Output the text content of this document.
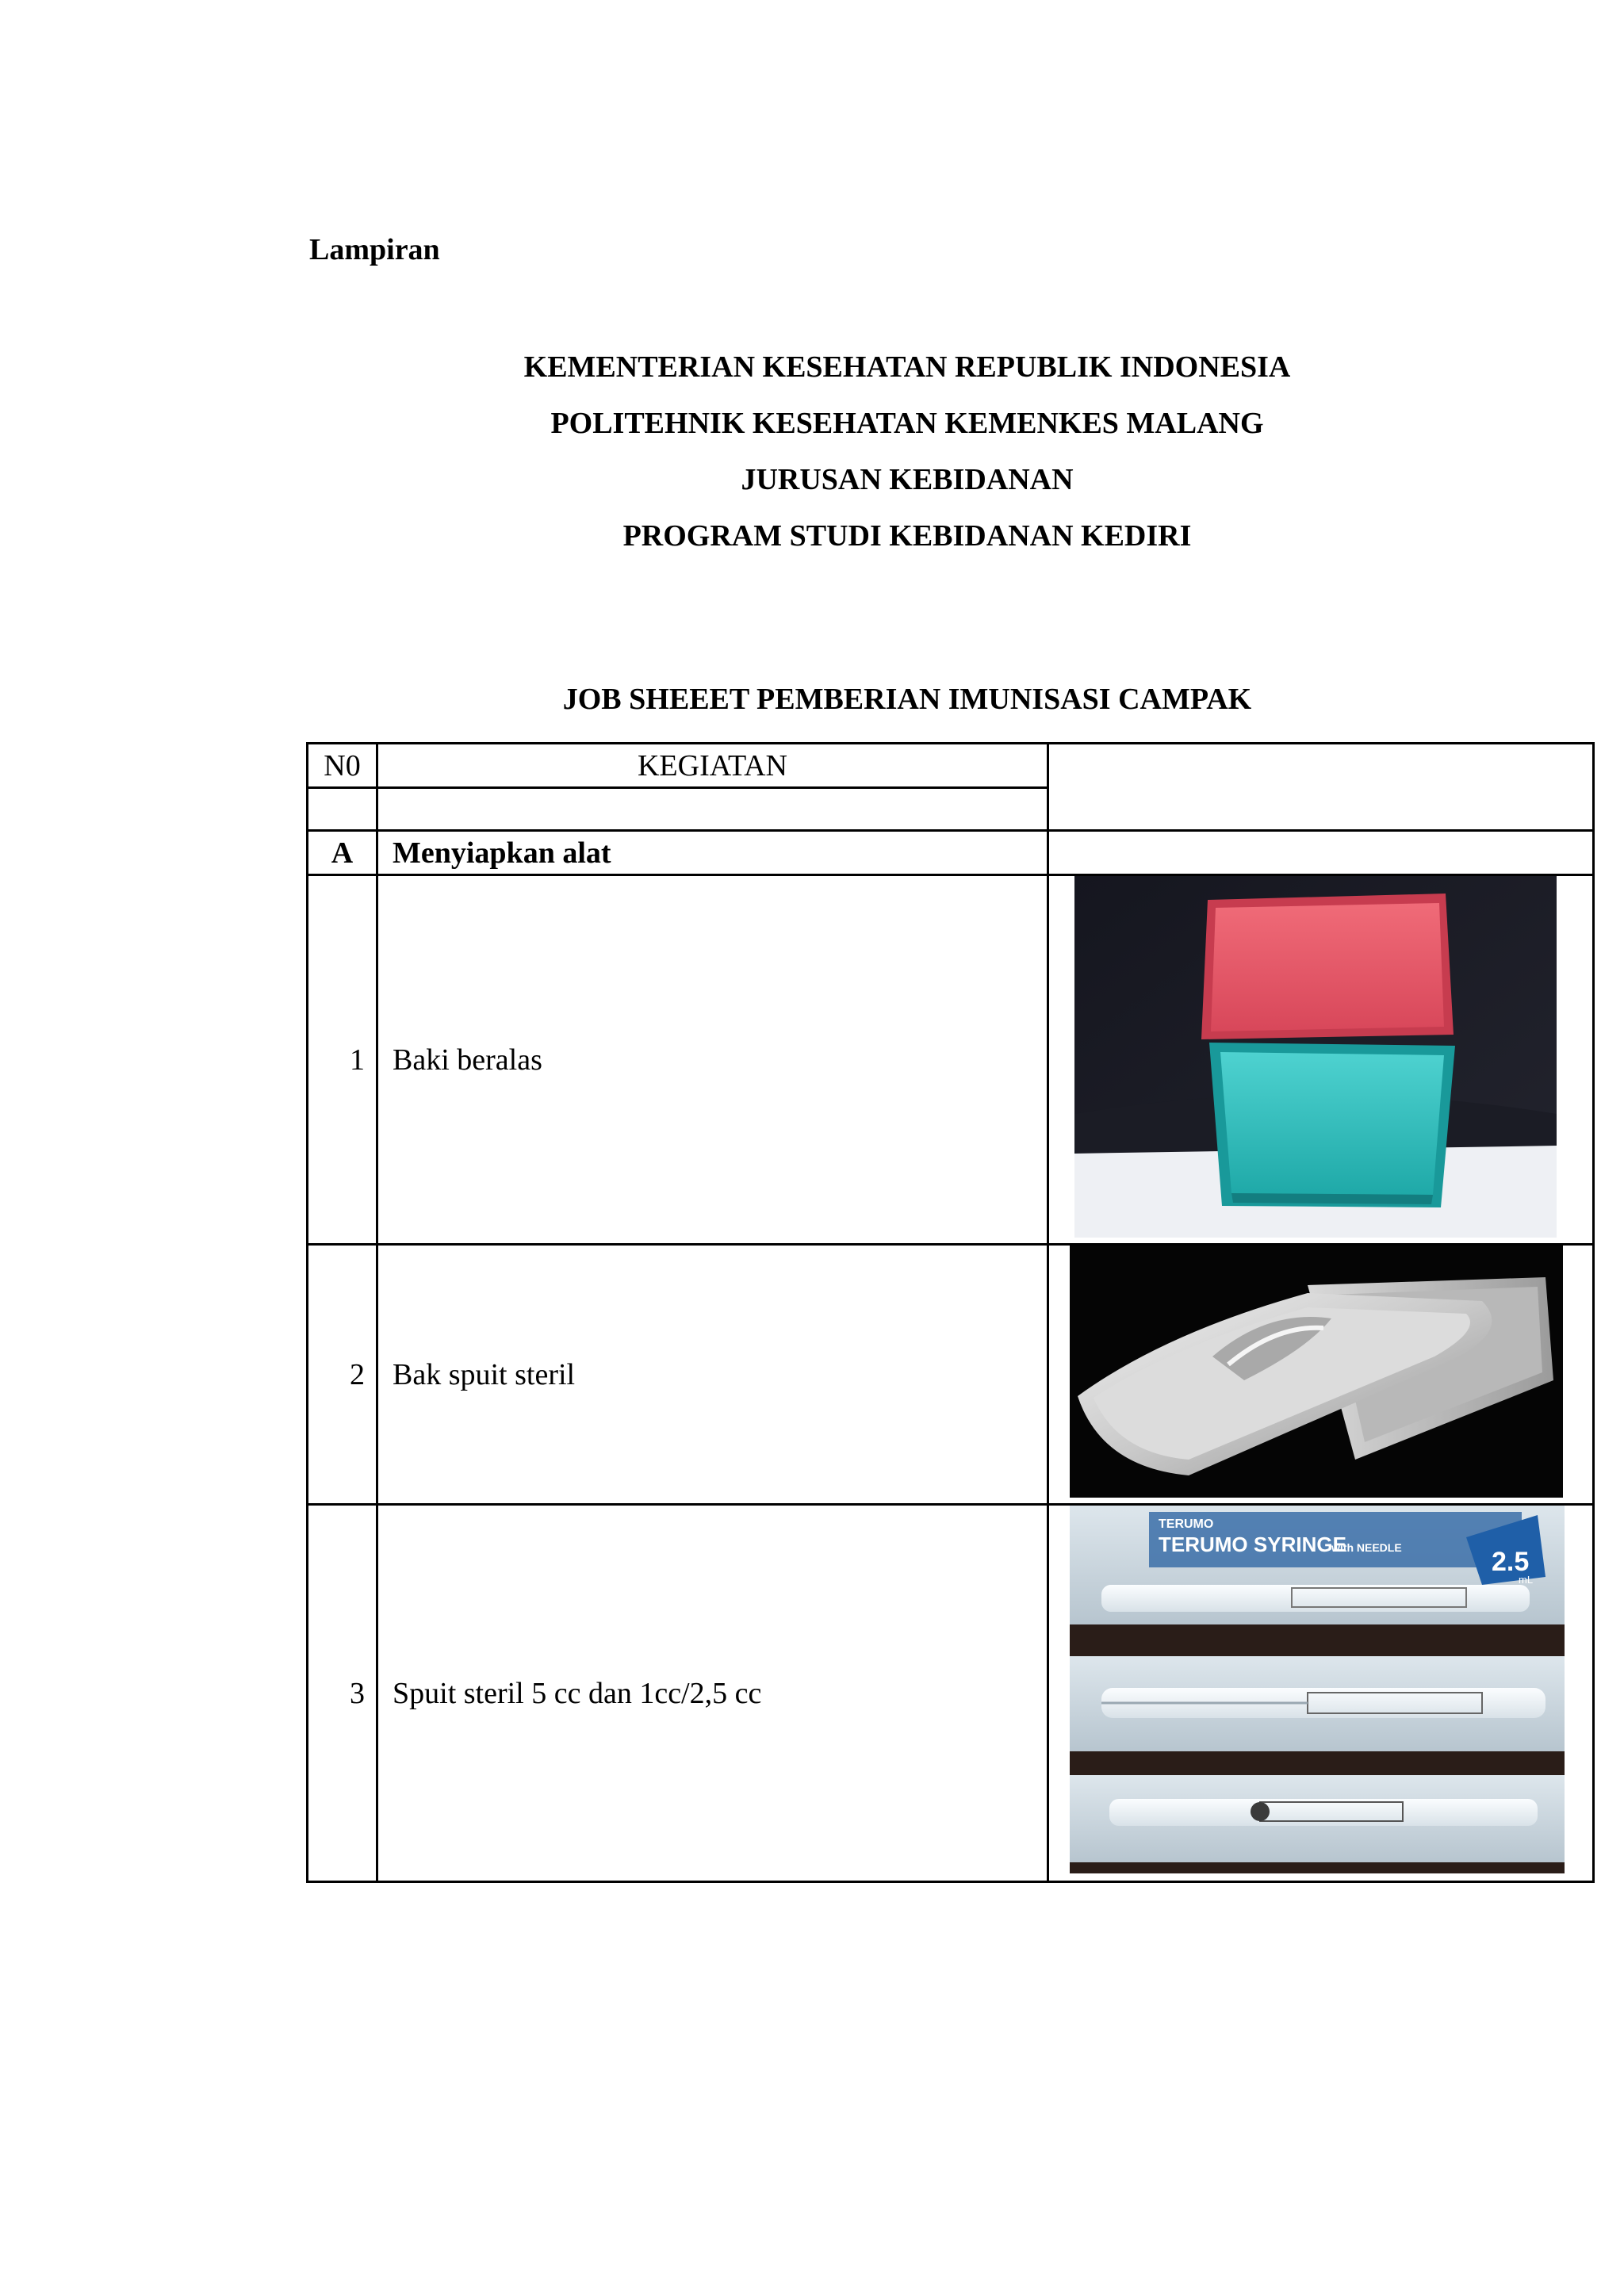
Lampiran
KEMENTERIAN KESEHATAN REPUBLIK INDONESIA
POLITEHNIK KESEHATAN KEMENKES MALANG
JURUSAN KEBIDANAN
PROGRAM STUDI KEBIDANAN KEDIRI
JOB SHEEET PEMBERIAN IMUNISASI CAMPAK
N0	KEGIATAN	

A	Menyiapkan alat	
1	Baki beralas	

2	Bak spuit steril	

3	Spuit steril 5 cc dan 1cc/2,5 cc	TERUMO
TERUMO SYRINGE
with NEEDLE 2.5
mL
